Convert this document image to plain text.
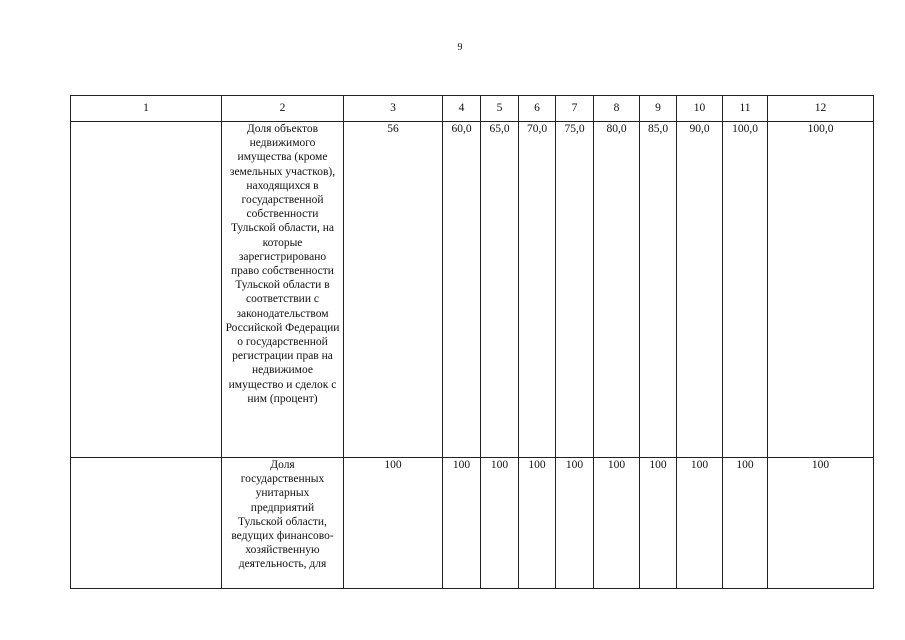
9
1	2	3	4	5	6	7	8	9	10	11	12

	Доля объектов недвижимого имущества (кроме земельных участков), находящихся в государственной собственности Тульской области, на которые зарегистрировано право собственности Тульской области в соответствии с законодательством Российской Федерации о государственной регистрации прав на недвижимое имущество и сделок с ним (процент)	56	60,0	65,0	70,0	75,0	80,0	85,0	90,0	100,0	100,0

	Доля государственных унитарных предприятий Тульской области, ведущих финансово-хозяйственную деятельность, для	100	100	100	100	100	100	100	100	100	100
